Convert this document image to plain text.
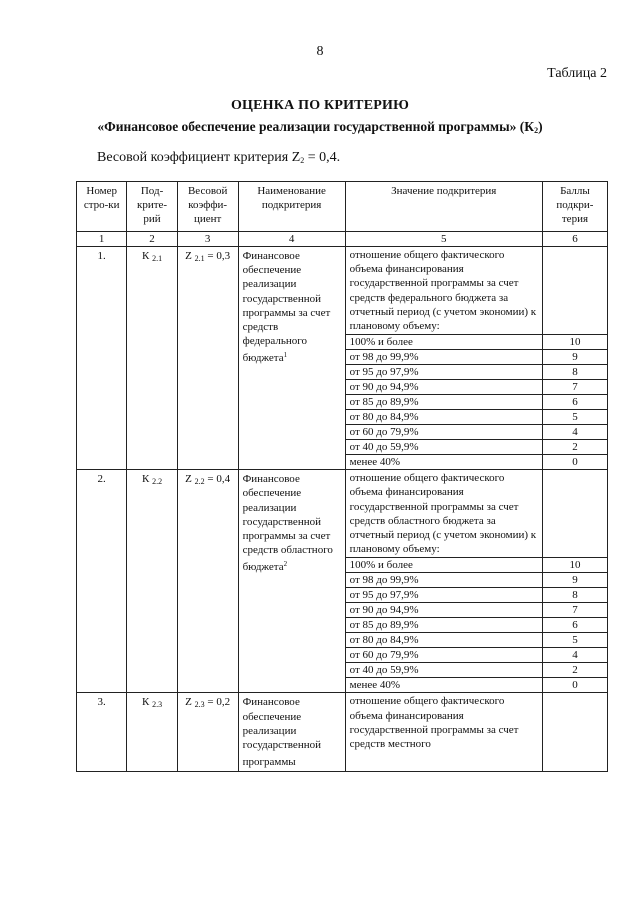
8
Таблица 2
ОЦЕНКА ПО КРИТЕРИЮ
«Финансовое обеспечение реализации государственной программы» $(К_2)$
Весовой коэффициент критерия $Z_2 = 0,4$.
Номер стро-ки	Под-крите-рий	Весовой коэффи-циент	Наименование подкритерия	Значение подкритерия	Баллы подкри-терия
1	2	3	4	5	6
1.	К $_{2.1}$	Z $_{2.1}$ = 0,3	Финансовое обеспечение реализации государственной программы за счет средств федерального бюджета$^1$	отношение общего фактического объема финансирования государственной программы за счет средств федерального бюджета за отчетный период (с учетом экономии) к плановому объему:	
				100% и более	10
				от 98 до 99,9%	9
				от 95 до 97,9%	8
				от 90 до 94,9%	7
				от 85 до 89,9%	6
				от 80 до 84,9%	5
				от 60 до 79,9%	4
				от 40 до 59,9%	2
				менее 40%	0
2.	К $_{2.2}$	Z $_{2.2}$ = 0,4	Финансовое обеспечение реализации государственной программы за счет средств областного бюджета$^2$	отношение общего фактического объема финансирования государственной программы за счет средств областного бюджета за отчетный период (с учетом экономии) к плановому объему:	
				100% и более	10
				от 98 до 99,9%	9
				от 95 до 97,9%	8
				от 90 до 94,9%	7
				от 85 до 89,9%	6
				от 80 до 84,9%	5
				от 60 до 79,9%	4
				от 40 до 59,9%	2
				менее 40%	0
3.	К $_{2.3}$	Z $_{2.3}$ = 0,2	Финансовое обеспечение реализации государственной программы	отношение общего фактического объема финансирования государственной программы за счет средств местного	
